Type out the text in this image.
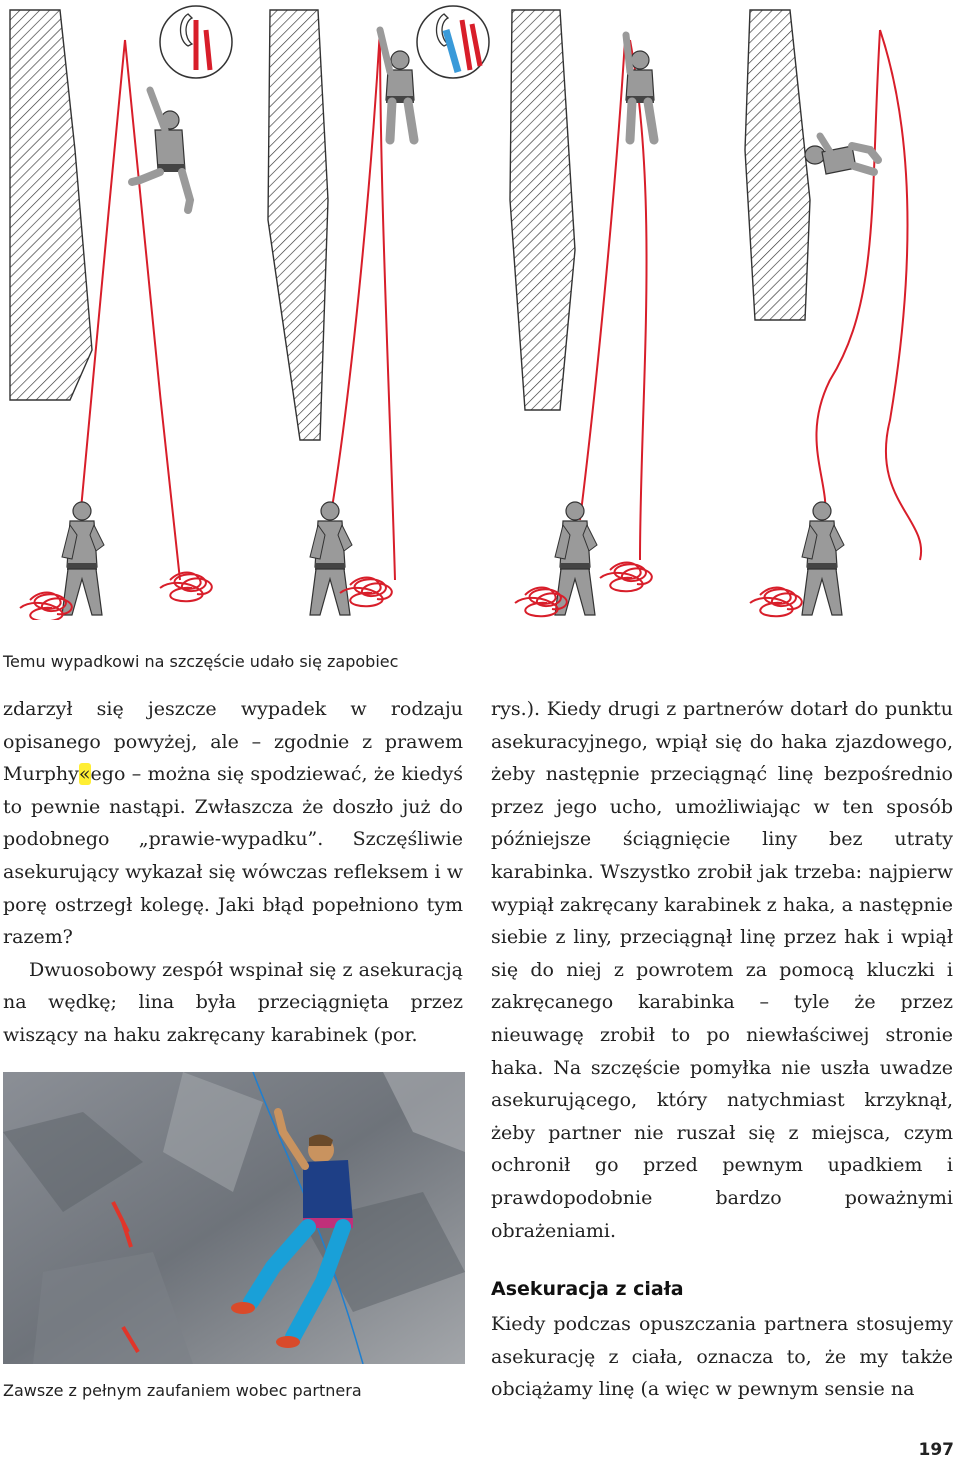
Temu wypadkowi na szczęście udało się zapobiec

zdarzył się jeszcze wypadek w rodzaju opisanego powyżej, ale – zgodnie z prawem Murphy«ego – można się spodziewać, że kiedyś to pewnie nastąpi. Zwłaszcza że doszło już do podobnego „prawie-wypadku”. Szczęśliwie asekurujący wykazał się wówczas refleksem i w porę ostrzegł kolegę. Jaki błąd popełniono tym razem?

Dwuosobowy zespół wspinał się z asekuracją na wędkę; lina była przeciągnięta przez wiszący na haku zakręcany karabinek (por.

Zawsze z pełnym zaufaniem wobec partnera

rys.). Kiedy drugi z partnerów dotarł do punktu asekuracyjnego, wpiął się do haka zjazdowego, żeby następnie przeciągnąć linę bezpośrednio przez jego ucho, umożliwiając w ten sposób późniejsze ściągnięcie liny bez utraty karabinka. Wszystko zrobił jak trzeba: najpierw wypiął zakręcany karabinek z haka, a następnie siebie z liny, przeciągnął linę przez hak i wpiął się do niej z powrotem za pomocą kluczki i zakręcanego karabinka – tyle że przez nieuwagę zrobił to po niewłaściwej stronie haka. Na szczęście pomyłka nie uszła uwadze asekurującego, który natychmiast krzyknął, żeby partner nie ruszał się z miejsca, czym ochronił go przed pewnym upadkiem i prawdopodobnie bardzo poważnymi obrażeniami.

Asekuracja z ciała

Kiedy podczas opuszczania partnera stosujemy asekurację z ciała, oznacza to, że my także obciążamy linę (a więc w pewnym sensie na

197
